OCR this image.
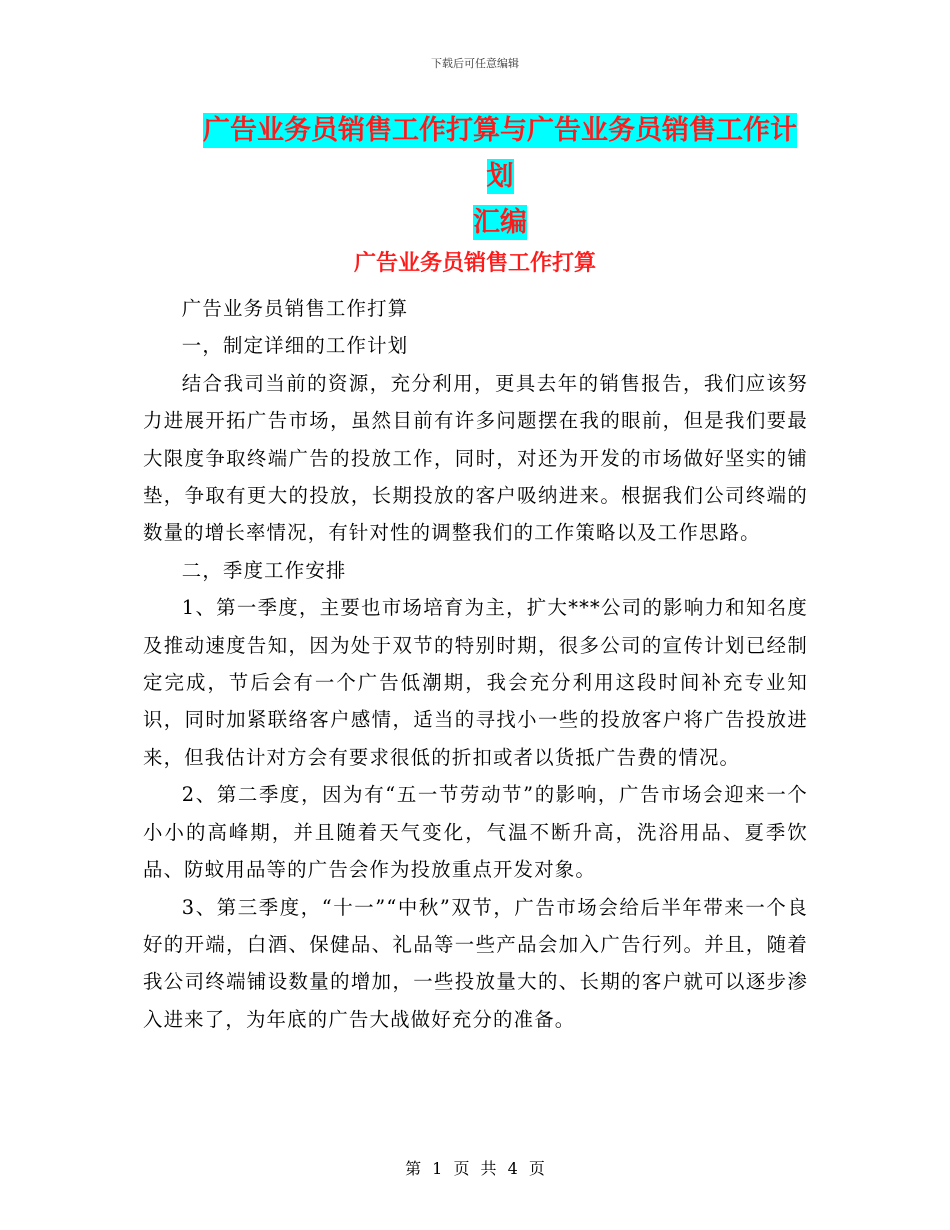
下载后可任意编辑
广告业务员销售工作打算与广告业务员销售工作计划
汇编
广告业务员销售工作打算

广告业务员销售工作打算

一，制定详细的工作计划

结合我司当前的资源，充分利用，更具去年的销售报告，我们应该努力进展开拓广告市场，虽然目前有许多问题摆在我的眼前，但是我们要最大限度争取终端广告的投放工作，同时，对还为开发的市场做好坚实的铺垫，争取有更大的投放，长期投放的客户吸纳进来。根据我们公司终端的数量的增长率情况，有针对性的调整我们的工作策略以及工作思路。

二，季度工作安排

1、第一季度，主要也市场培育为主，扩大***公司的影响力和知名度及推动速度告知，因为处于双节的特别时期，很多公司的宣传计划已经制定完成，节后会有一个广告低潮期，我会充分利用这段时间补充专业知识，同时加紧联络客户感情，适当的寻找小一些的投放客户将广告投放进来，但我估计对方会有要求很低的折扣或者以货抵广告费的情况。

2、第二季度，因为有“五一节劳动节”的影响，广告市场会迎来一个小小的高峰期，并且随着天气变化，气温不断升高，洗浴用品、夏季饮品、防蚊用品等的广告会作为投放重点开发对象。

3、第三季度，“十一”“中秋”双节，广告市场会给后半年带来一个良好的开端，白酒、保健品、礼品等一些产品会加入广告行列。并且，随着我公司终端铺设数量的增加，一些投放量大的、长期的客户就可以逐步渗入进来了，为年底的广告大战做好充分的准备。

第 1 页 共 4 页
